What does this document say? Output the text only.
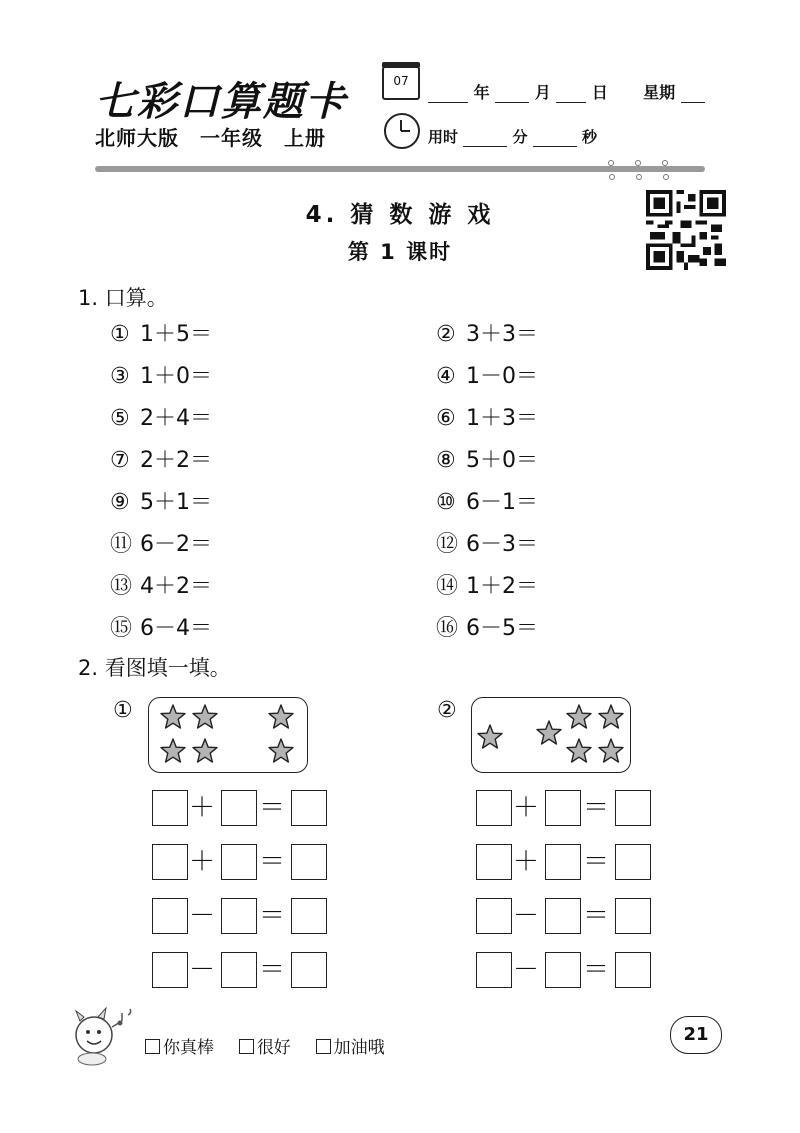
七彩口算题卡	07
年	月	日 星期
北师大版　一年级　上册	用时	分	秒
4. 猜 数 游 戏
第 1 课时
1. 口算。
① 1＋5＝
③ 1＋0＝
⑤ 2＋4＝
⑦ 2＋2＝
⑨ 5＋1＝
⑪ 6－2＝
⑬ 4＋2＝
⑮ 6－4＝
② 3＋3＝
④ 1－0＝
⑥ 1＋3＝
⑧ 5＋0＝
⑩ 6－1＝
⑫ 6－3＝
⑭ 1＋2＝
⑯ 6－5＝
2. 看图填一填。
①	②
＋ ＝
＋ ＝
－ ＝
－ ＝
＋ ＝
＋ ＝
－ ＝
－ ＝
你真棒	很好	加油哦
21
